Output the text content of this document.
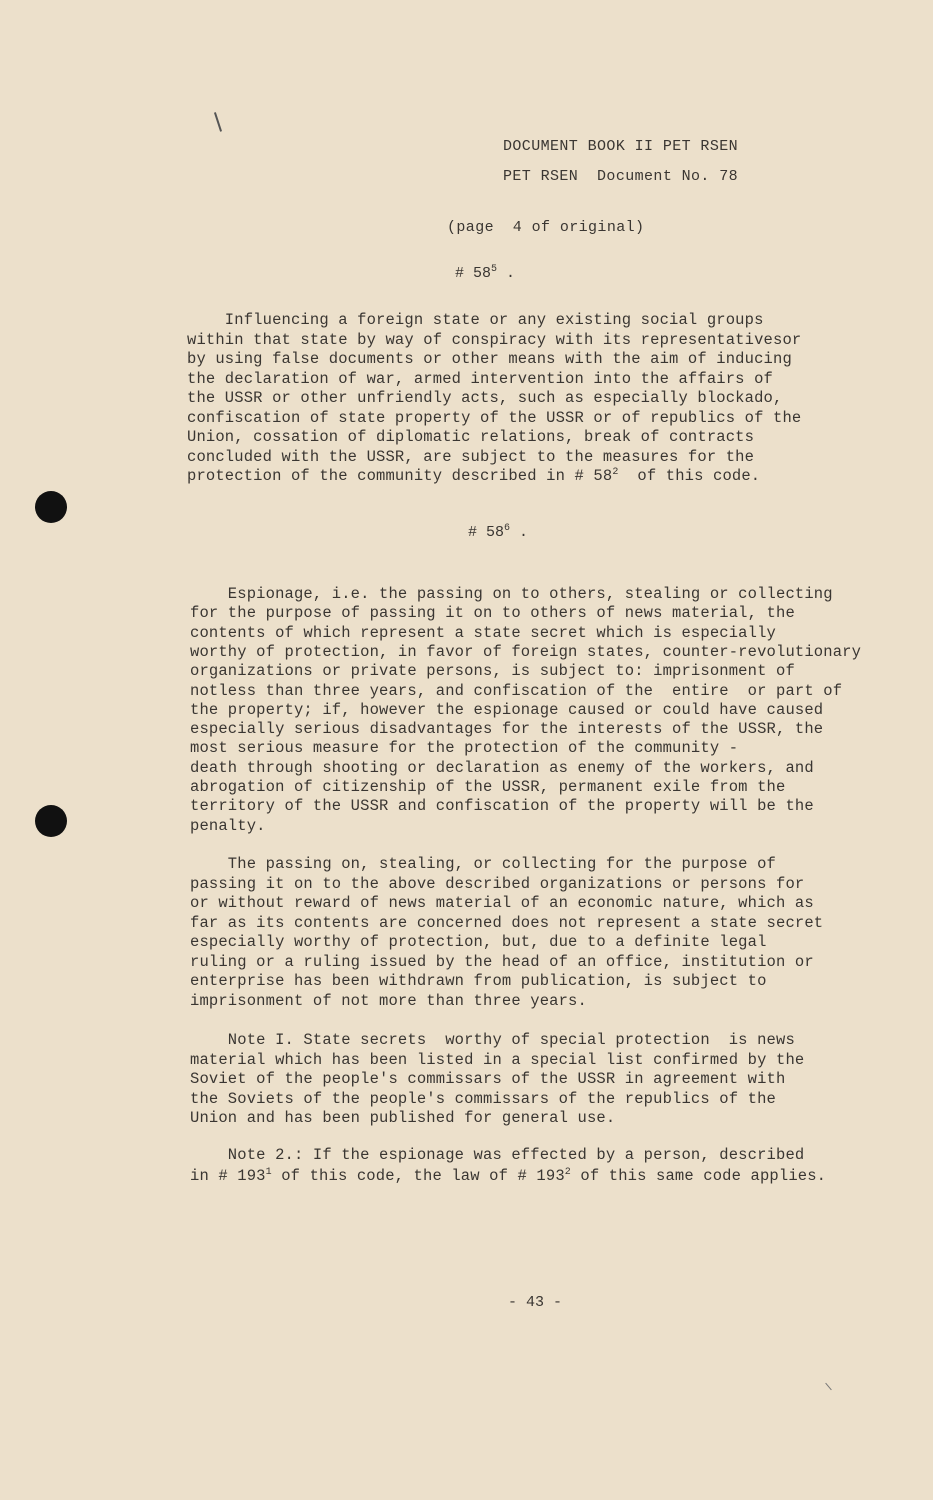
DOCUMENT BOOK II PET RSEN
PET RSEN  Document No. 78
(page  4 of original)
# $58^5$ .
Influencing a foreign state or any existing social groups
within that state by way of conspiracy with its representativesor
by using false documents or other means with the aim of inducing
the declaration of war, armed intervention into the affairs of
the USSR or other unfriendly acts, such as especially blockado,
confiscation of state property of the USSR or of republics of the
Union, cossation of diplomatic relations, break of contracts
concluded with the USSR, are subject to the measures for the
protection of the community described in # $58^2$  of this code.
# $58^6$ .
Espionage, i.e. the passing on to others, stealing or collecting
for the purpose of passing it on to others of news material, the
contents of which represent a state secret which is especially
worthy of protection, in favor of foreign states, counter-revolutionary
organizations or private persons, is subject to: imprisonment of
notless than three years, and confiscation of the  entire  or part of
the property; if, however the espionage caused or could have caused
especially serious disadvantages for the interests of the USSR, the
most serious measure for the protection of the community -
death through shooting or declaration as enemy of the workers, and
abrogation of citizenship of the USSR, permanent exile from the
territory of the USSR and confiscation of the property will be the
penalty.
The passing on, stealing, or collecting for the purpose of
passing it on to the above described organizations or persons for
or without reward of news material of an economic nature, which as
far as its contents are concerned does not represent a state secret
especially worthy of protection, but, due to a definite legal
ruling or a ruling issued by the head of an office, institution or
enterprise has been withdrawn from publication, is subject to
imprisonment of not more than three years.
Note I. State secrets  worthy of special protection  is news
material which has been listed in a special list confirmed by the
Soviet of the people's commissars of the USSR in agreement with
the Soviets of the people's commissars of the republics of the
Union and has been published for general use.
Note 2.: If the espionage was effected by a person, described
in # $193^1$ of this code, the law of # $193^2$ of this same code applies.
- 43 -
